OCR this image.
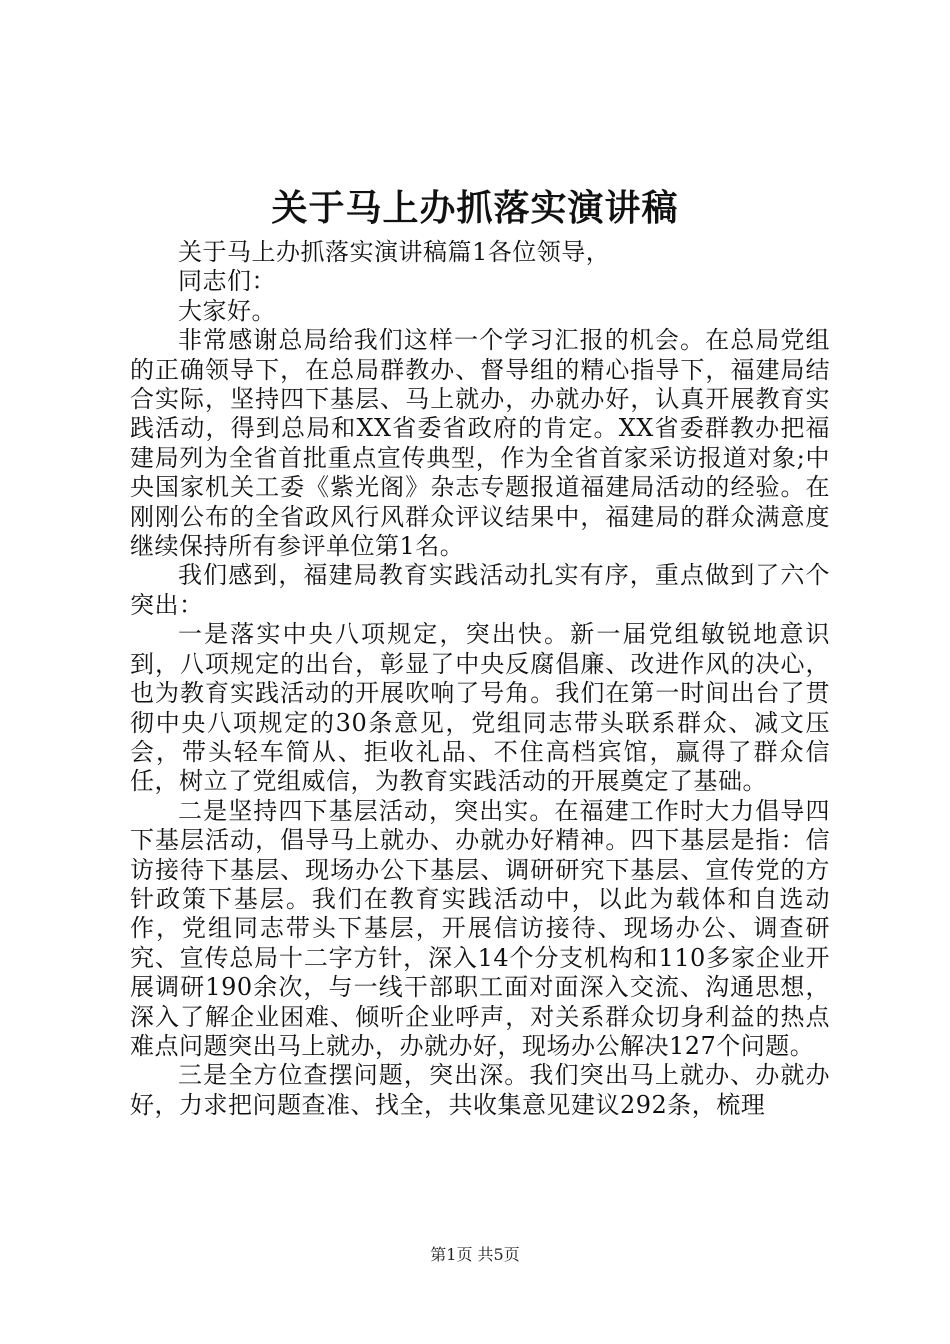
关于马上办抓落实演讲稿

关于马上办抓落实演讲稿篇1各位领导，

同志们：

大家好。

非常感谢总局给我们这样一个学习汇报的机会。在总局党组的正确领导下，在总局群教办、督导组的精心指导下，福建局结合实际，坚持四下基层、马上就办，办就办好，认真开展教育实践活动，得到总局和XX省委省政府的肯定。XX省委群教办把福建局列为全省首批重点宣传典型，作为全省首家采访报道对象;中央国家机关工委《紫光阁》杂志专题报道福建局活动的经验。在刚刚公布的全省政风行风群众评议结果中，福建局的群众满意度继续保持所有参评单位第1名。

我们感到，福建局教育实践活动扎实有序，重点做到了六个突出：

一是落实中央八项规定，突出快。新一届党组敏锐地意识到，八项规定的出台，彰显了中央反腐倡廉、改进作风的决心，也为教育实践活动的开展吹响了号角。我们在第一时间出台了贯彻中央八项规定的30条意见，党组同志带头联系群众、减文压会，带头轻车简从、拒收礼品、不住高档宾馆，赢得了群众信任，树立了党组威信，为教育实践活动的开展奠定了基础。

二是坚持四下基层活动，突出实。在福建工作时大力倡导四下基层活动，倡导马上就办、办就办好精神。四下基层是指：信访接待下基层、现场办公下基层、调研研究下基层、宣传党的方针政策下基层。我们在教育实践活动中，以此为载体和自选动作，党组同志带头下基层，开展信访接待、现场办公、调查研究、宣传总局十二字方针，深入14个分支机构和110多家企业开展调研190余次，与一线干部职工面对面深入交流、沟通思想，深入了解企业困难、倾听企业呼声，对关系群众切身利益的热点难点问题突出马上就办，办就办好，现场办公解决127个问题。

三是全方位查摆问题，突出深。我们突出马上就办、办就办好，力求把问题查准、找全，共收集意见建议292条，梳理

第1页 共5页
